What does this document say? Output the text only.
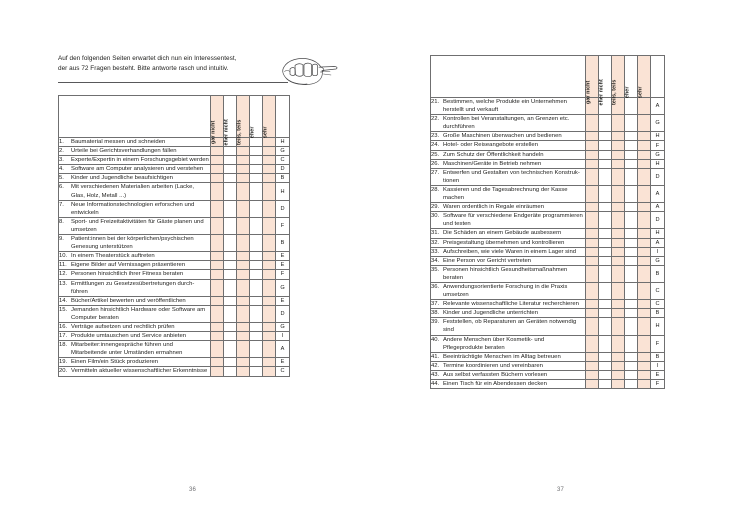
Auf den folgenden Seiten erwartet dich nun ein Interessentest,
der aus 72 Fragen besteht. Bitte antworte rasch und intuitiv.

	gar nicht	eher nicht	teils, teils	eher	sehr	

1. Baumaterial messen und schneiden						H
2. Urteile bei Gerichtsverhandlungen fällen						G
3. Experte/Expertin in einem Forschungsgebiet werden						C
4. Software am Computer analysieren und verstehen						D
5. Kinder und Jugendliche beaufsichtigen						B
6. Mit verschiedenen Materialien arbeiten (Lacke, Glas, Holz, Metall ...)						H
7. Neue Informationstechnologien erforschen und entwickeln						D
8. Sport- und Freizeitaktivitäten für Gäste planen und umsetzen						F
9. Patient:innen bei der körperlichen/psychischen Genesung unterstützen						B
10. In einem Theaterstück auftreten						E
11. Eigene Bilder auf Vernissagen präsentieren						E
12. Personen hinsichtlich ihrer Fitness beraten						F
13. Ermittlungen zu Gesetzesübertretungen durch-führen						G
14. Bücher/Artikel bewerten und veröffentlichen						E
15. Jemanden hinsichtlich Hardware oder Software am Computer beraten						D
16. Verträge aufsetzen und rechtlich prüfen						G
17. Produkte umtauschen und Service anbieten						I
18. Mitarbeiter:innengespräche führen und Mitarbeitende unter Umständen ermahnen						A
19. Einen Film/ein Stück produzieren						E
20. Vermitteln aktueller wissenschaftlicher Erkenntnisse						C
36

	gar nicht	eher nicht	teils, teils	eher	sehr	

21. Bestimmen, welche Produkte ein Unternehmen herstellt und verkauft						A
22. Kontrollen bei Veranstaltungen, an Grenzen etc. durchführen						G
23. Große Maschinen überwachen und bedienen						H
24. Hotel- oder Reiseangebote erstellen						F
25. Zum Schutz der Öffentlichkeit handeln						G
26. Maschinen/Geräte in Betrieb nehmen						H
27. Entwerfen und Gestalten von technischen Konstruk-tionen						D
28. Kassieren und die Tagesabrechnung der Kasse machen						A
29. Waren ordentlich in Regale einräumen						A
30. Software für verschiedene Endgeräte programmieren und testen						D
31. Die Schäden an einem Gebäude ausbessern						H
32. Preisgestaltung übernehmen und kontrollieren						A
33. Aufschreiben, wie viele Waren in einem Lager sind						I
34. Eine Person vor Gericht vertreten						G
35. Personen hinsichtlich Gesundheitsmaßnahmen beraten						B
36. Anwendungsorientierte Forschung in die Praxis umsetzen						C
37. Relevante wissenschaftliche Literatur recherchieren						C
38. Kinder und Jugendliche unterrichten						B
39. Feststellen, ob Reparaturen an Geräten notwendig sind						H
40. Andere Menschen über Kosmetik- und Pflegeprodukte beraten						F
41. Beeinträchtigte Menschen im Alltag betreuen						B
42. Termine koordinieren und vereinbaren						I
43. Aus selbst verfassten Büchern vorlesen						E
44. Einen Tisch für ein Abendessen decken						F
37
